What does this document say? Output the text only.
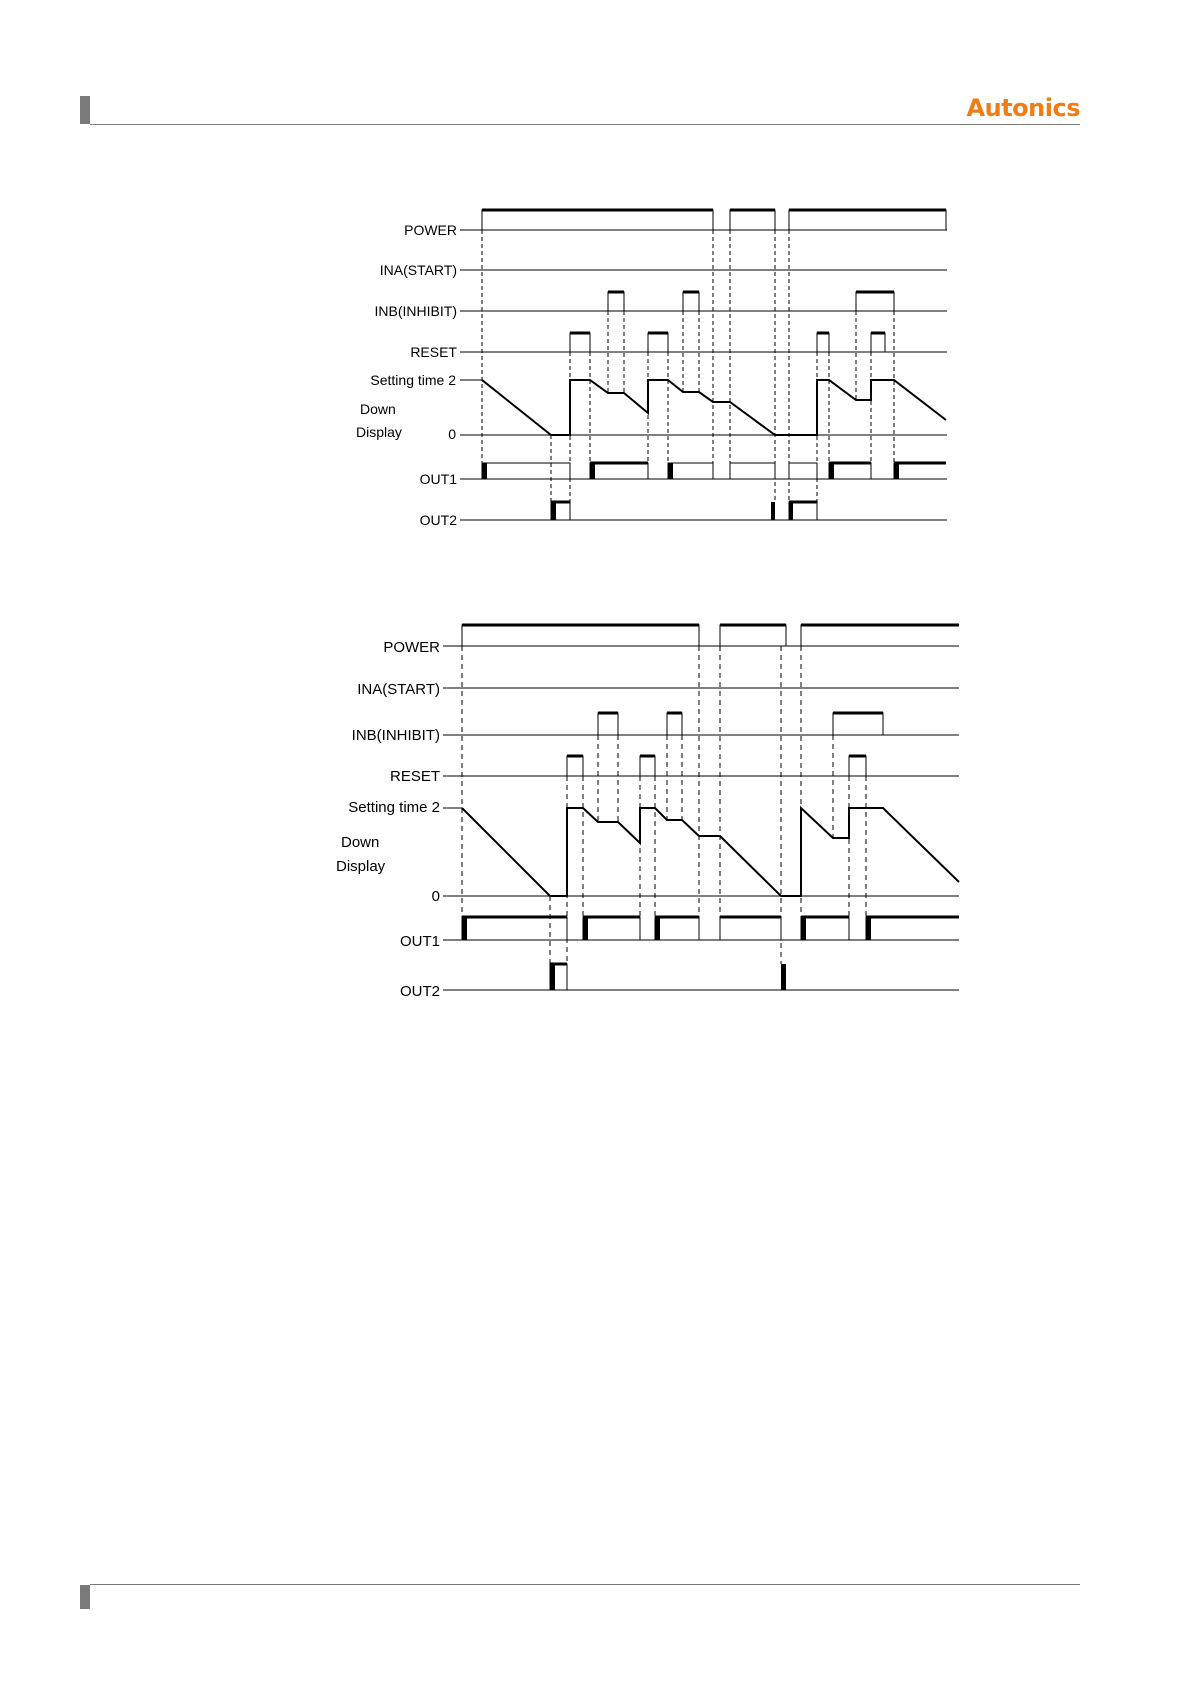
Autonics
POWER
INA(START)
INB(INHIBIT)
RESET
Setting time 2
Down
Display	0
OUT1
OUT2
POWER
INA(START)
INB(INHIBIT)
RESET
Setting time 2
Down
Display
0
OUT1
OUT2
